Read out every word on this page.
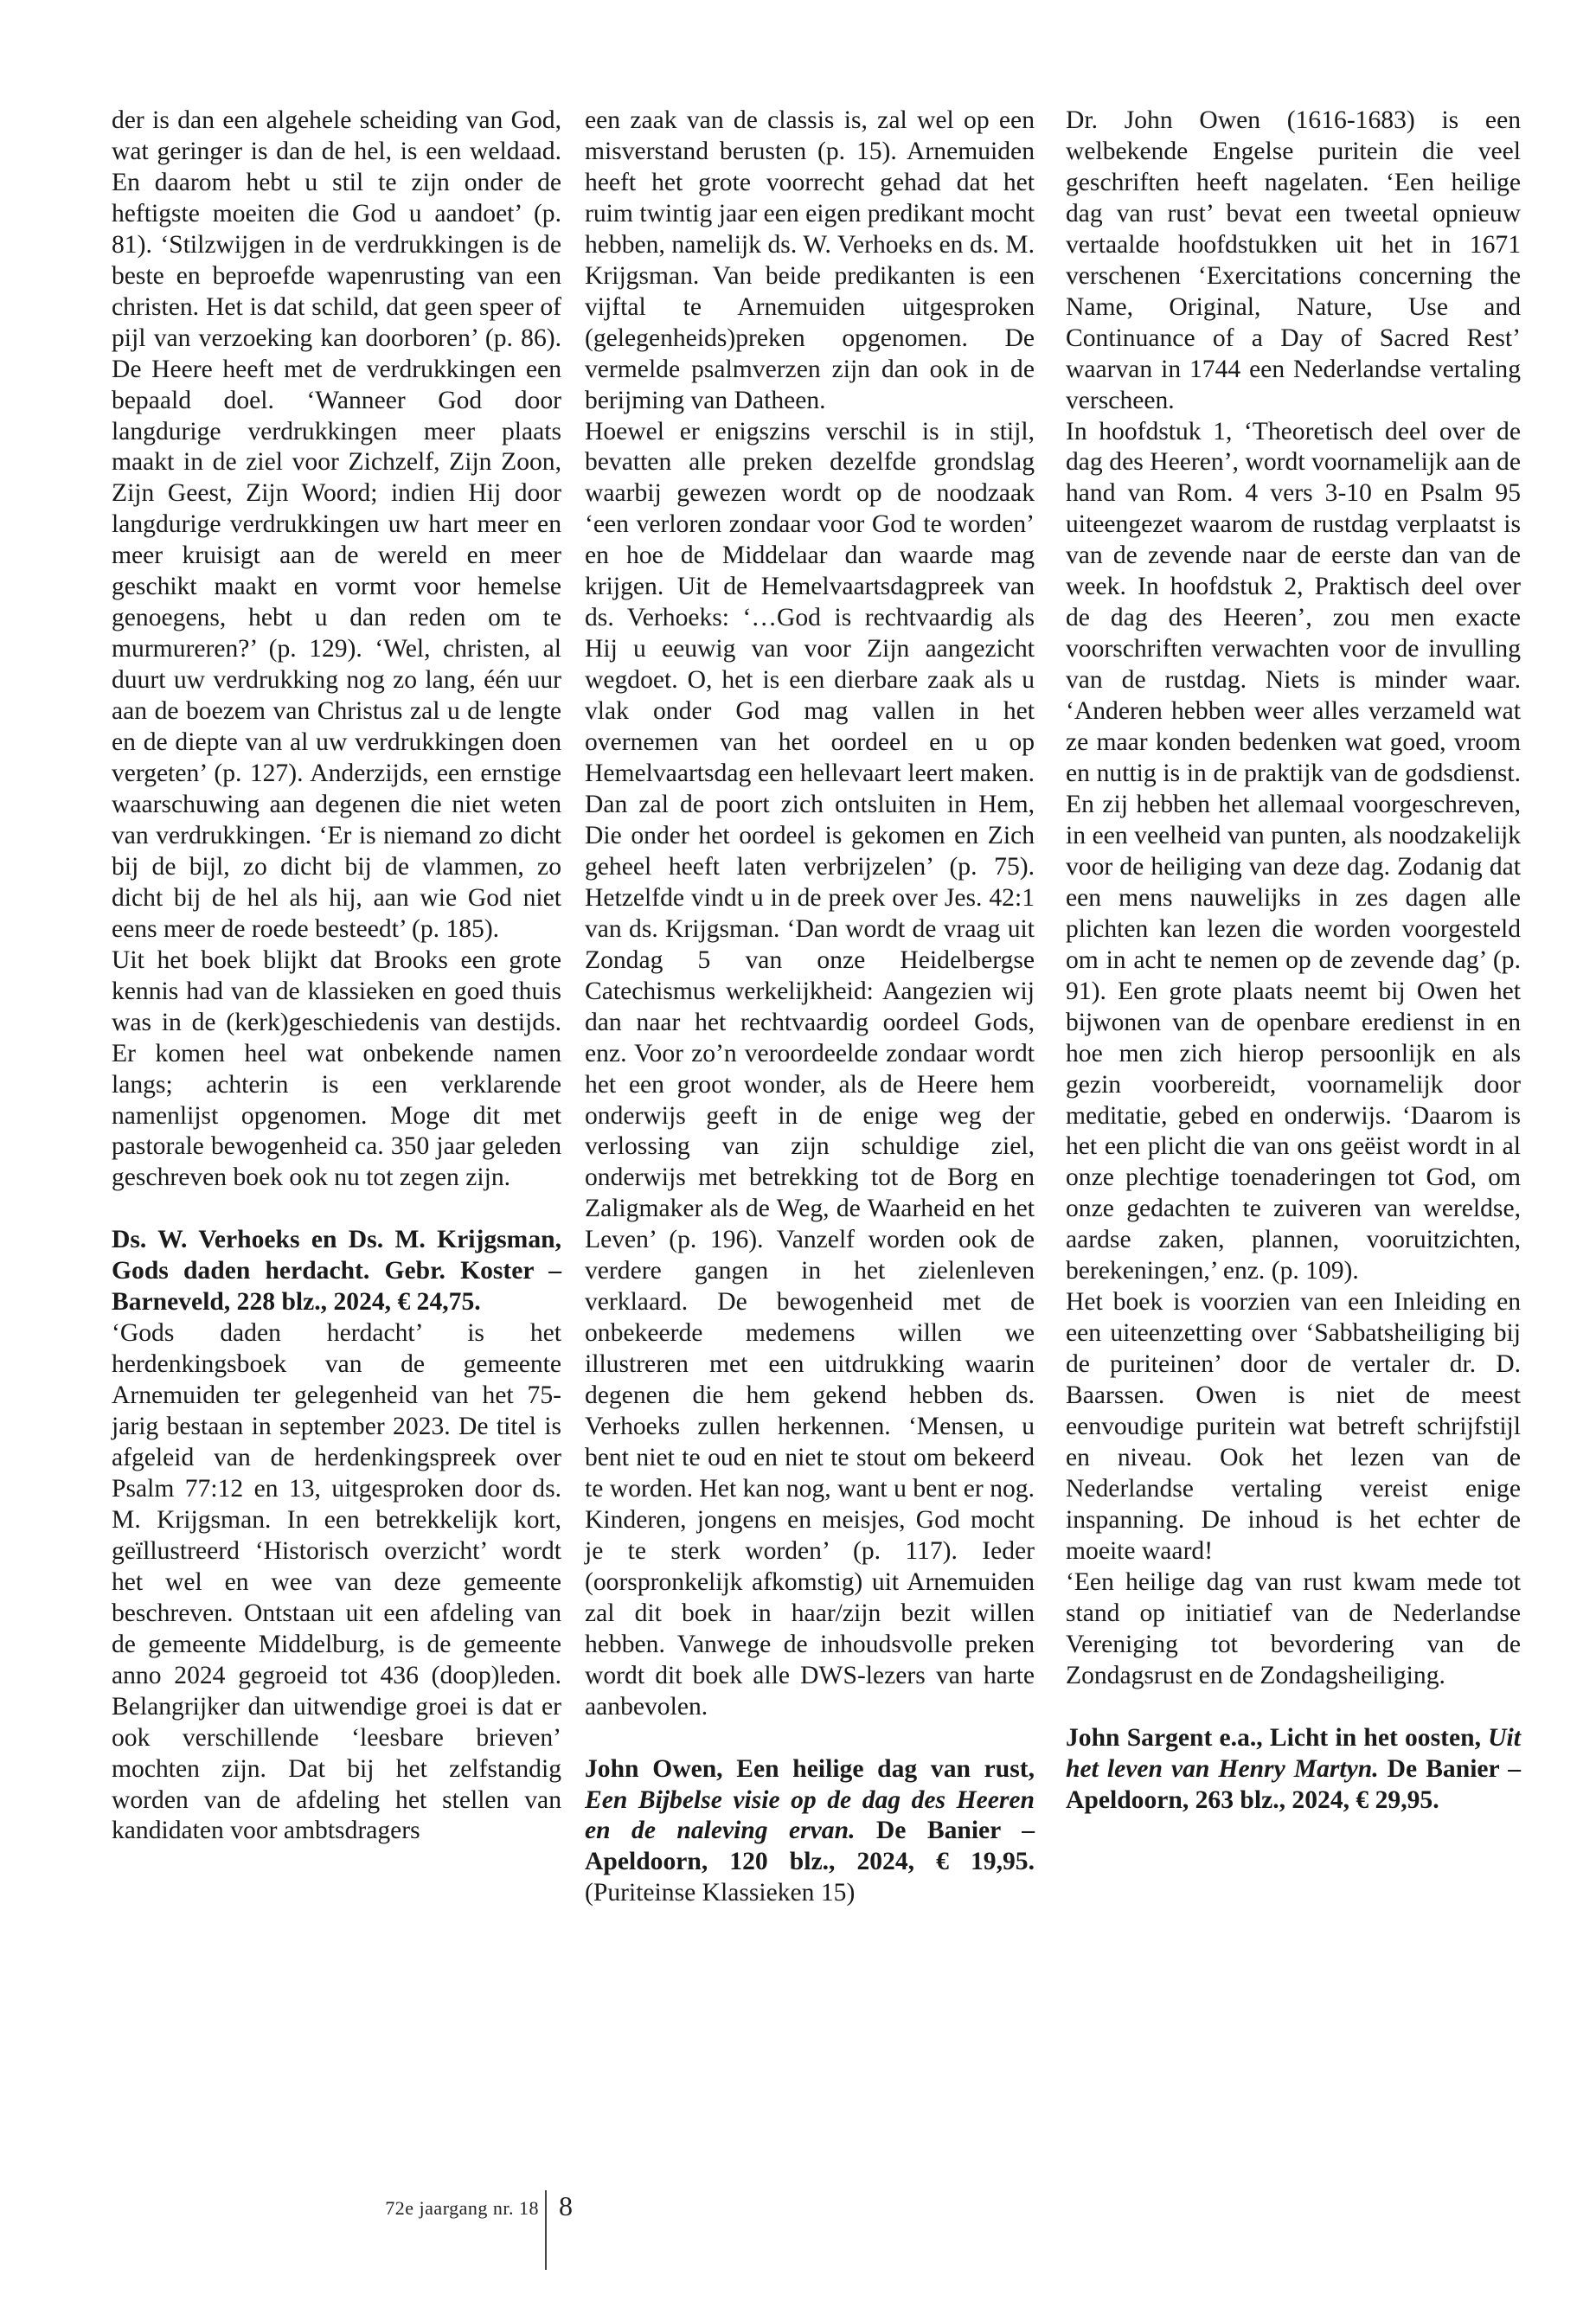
der is dan een algehele scheiding van God, wat geringer is dan de hel, is een weldaad. En daarom hebt u stil te zijn onder de heftigste moeiten die God u aandoet’ (p. 81). ‘Stilzwijgen in de verdrukkingen is de beste en beproefde wapenrusting van een christen. Het is dat schild, dat geen speer of pijl van verzoeking kan doorboren’ (p. 86). De Heere heeft met de verdrukkingen een bepaald doel. ‘Wanneer God door langdurige verdrukkingen meer plaats maakt in de ziel voor Zichzelf, Zijn Zoon, Zijn Geest, Zijn Woord; indien Hij door langdurige verdrukkingen uw hart meer en meer kruisigt aan de wereld en meer geschikt maakt en vormt voor hemelse genoegens, hebt u dan reden om te murmureren?’ (p. 129). ‘Wel, christen, al duurt uw verdrukking nog zo lang, één uur aan de boezem van Christus zal u de lengte en de diepte van al uw verdrukkingen doen vergeten’ (p. 127). Anderzijds, een ernstige waarschuwing aan degenen die niet weten van verdrukkingen. ‘Er is niemand zo dicht bij de bijl, zo dicht bij de vlammen, zo dicht bij de hel als hij, aan wie God niet eens meer de roede besteedt’ (p. 185).

Uit het boek blijkt dat Brooks een grote kennis had van de klassieken en goed thuis was in de (kerk)geschiedenis van destijds. Er komen heel wat onbekende namen langs; achterin is een verklarende namenlijst opgenomen. Moge dit met pastorale bewogenheid ca. 350 jaar geleden geschreven boek ook nu tot zegen zijn.

Ds. W. Verhoeks en Ds. M. Krijgsman, Gods daden herdacht. Gebr. Koster – Barneveld, 228 blz., 2024, € 24,75.

‘Gods daden herdacht’ is het herdenkingsboek van de gemeente Arnemuiden ter gelegenheid van het 75-jarig bestaan in september 2023. De titel is afgeleid van de herdenkingspreek over Psalm 77:12 en 13, uitgesproken door ds. M. Krijgsman. In een betrekkelijk kort, geïllustreerd ‘Historisch overzicht’ wordt het wel en wee van deze gemeente beschreven. Ontstaan uit een afdeling van de gemeente Middelburg, is de gemeente anno 2024 gegroeid tot 436 (doop)leden. Belangrijker dan uitwendige groei is dat er ook verschillende ‘leesbare brieven’ mochten zijn. Dat bij het zelfstandig worden van de afdeling het stellen van kandidaten voor ambtsdragers

een zaak van de classis is, zal wel op een misverstand berusten (p. 15). Arnemuiden heeft het grote voorrecht gehad dat het ruim twintig jaar een eigen predikant mocht hebben, namelijk ds. W. Verhoeks en ds. M. Krijgsman. Van beide predikanten is een vijftal te Arnemuiden uitgesproken (gelegenheids)preken opgenomen. De vermelde psalmverzen zijn dan ook in de berijming van Datheen.

Hoewel er enigszins verschil is in stijl, bevatten alle preken dezelfde grondslag waarbij gewezen wordt op de noodzaak ‘een verloren zondaar voor God te worden’ en hoe de Middelaar dan waarde mag krijgen. Uit de Hemelvaartsdagpreek van ds. Verhoeks: ‘…God is rechtvaardig als Hij u eeuwig van voor Zijn aangezicht wegdoet. O, het is een dierbare zaak als u vlak onder God mag vallen in het overnemen van het oordeel en u op Hemelvaartsdag een hellevaart leert maken. Dan zal de poort zich ontsluiten in Hem, Die onder het oordeel is gekomen en Zich geheel heeft laten verbrijzelen’ (p. 75). Hetzelfde vindt u in de preek over Jes. 42:1 van ds. Krijgsman. ‘Dan wordt de vraag uit Zondag 5 van onze Heidelbergse Catechismus werkelijkheid: Aangezien wij dan naar het rechtvaardig oordeel Gods, enz. Voor zo’n veroordeelde zondaar wordt het een groot wonder, als de Heere hem onderwijs geeft in de enige weg der verlossing van zijn schuldige ziel, onderwijs met betrekking tot de Borg en Zaligmaker als de Weg, de Waarheid en het Leven’ (p. 196). Vanzelf worden ook de verdere gangen in het zielenleven verklaard. De bewogenheid met de onbekeerde medemens willen we illustreren met een uitdrukking waarin degenen die hem gekend hebben ds. Verhoeks zullen herkennen. ‘Mensen, u bent niet te oud en niet te stout om bekeerd te worden. Het kan nog, want u bent er nog. Kinderen, jongens en meisjes, God mocht je te sterk worden’ (p. 117). Ieder (oorspronkelijk afkomstig) uit Arnemuiden zal dit boek in haar/zijn bezit willen hebben. Vanwege de inhoudsvolle preken wordt dit boek alle DWS-lezers van harte aanbevolen.

John Owen, Een heilige dag van rust, Een Bijbelse visie op de dag des Heeren en de naleving ervan. De Banier – Apeldoorn, 120 blz., 2024, € 19,95. (Puriteinse Klassieken 15)

Dr. John Owen (1616-1683) is een welbekende Engelse puritein die veel geschriften heeft nagelaten. ‘Een heilige dag van rust’ bevat een tweetal opnieuw vertaalde hoofdstukken uit het in 1671 verschenen ‘Exercitations concerning the Name, Original, Nature, Use and Continuance of a Day of Sacred Rest’ waarvan in 1744 een Nederlandse vertaling verscheen.

In hoofdstuk 1, ‘Theoretisch deel over de dag des Heeren’, wordt voornamelijk aan de hand van Rom. 4 vers 3-10 en Psalm 95 uiteengezet waarom de rustdag verplaatst is van de zevende naar de eerste dan van de week. In hoofdstuk 2, Praktisch deel over de dag des Heeren’, zou men exacte voorschriften verwachten voor de invulling van de rustdag. Niets is minder waar. ‘Anderen hebben weer alles verzameld wat ze maar konden bedenken wat goed, vroom en nuttig is in de praktijk van de godsdienst. En zij hebben het allemaal voorgeschreven, in een veelheid van punten, als noodzakelijk voor de heiliging van deze dag. Zodanig dat een mens nauwelijks in zes dagen alle plichten kan lezen die worden voorgesteld om in acht te nemen op de zevende dag’ (p. 91). Een grote plaats neemt bij Owen het bijwonen van de openbare eredienst in en hoe men zich hierop persoonlijk en als gezin voorbereidt, voornamelijk door meditatie, gebed en onderwijs. ‘Daarom is het een plicht die van ons geëist wordt in al onze plechtige toenaderingen tot God, om onze gedachten te zuiveren van wereldse, aardse zaken, plannen, vooruitzichten, berekeningen,’ enz. (p. 109).

Het boek is voorzien van een Inleiding en een uiteenzetting over ‘Sabbatsheiliging bij de puriteinen’ door de vertaler dr. D. Baarssen. Owen is niet de meest eenvoudige puritein wat betreft schrijfstijl en niveau. Ook het lezen van de Nederlandse vertaling vereist enige inspanning. De inhoud is het echter de moeite waard!

‘Een heilige dag van rust kwam mede tot stand op initiatief van de Nederlandse Vereniging tot bevordering van de Zondagsrust en de Zondagsheiliging.

John Sargent e.a., Licht in het oosten, Uit het leven van Henry Martyn. De Banier – Apeldoorn, 263 blz., 2024, € 29,95.

72e jaargang nr. 18 8
